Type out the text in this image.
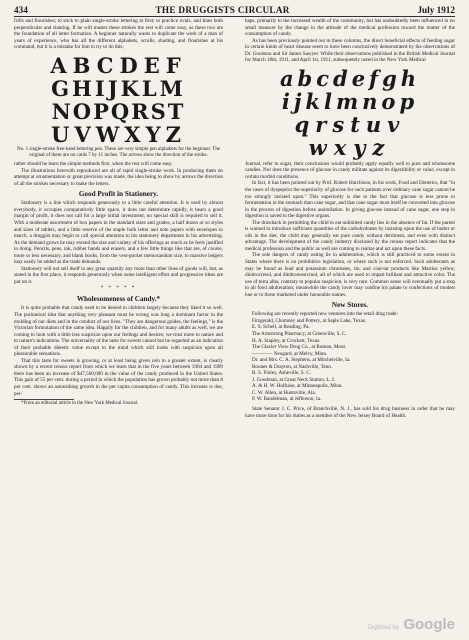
434	THE DRUGGISTS CIRCULAR	July 1912

frills and flourishes; to stick to plain single-stroke lettering at first; to practice ovals, and lines both perpendicular and slanting. If he will master these strokes the rest will come easy, as these two are the foundation of all letter formation. A beginner naturally wants to duplicate the work of a man of years of experience, who has all the different alphabets, scrolls, shading, and flourishes at his command, but it is a mistake for him to try to do this;

ABCDEF
GHIJKLM
NOPQRST
UVWXYZ
No. 1 single-stroke free-hand lettering pen. These are very simple pen alphabets for the beginner. The original of these are on cards 7 by 11 inches. The arrows show the direction of the stroke.

rather should he learn the simple methods first, when the rest will come easy.

The illustrations herewith reproduced are all of rapid single-stroke work. In producing them no attempt at ornamentation or great precision was made, the idea being to show by arrows the direction of all the strokes necessary to make the letters.

Good Profit in Stationery.

Stationery is a line which responds generously to a little careful attention. It is used by almost everybody, it occupies comparatively little space, it does not deteriorate rapidly, it bears a good margin of profit, it does not call for a large initial investment, no special skill is required to sell it. With a moderate assortment of box papers in the standard sizes and grades, a half dozen or so styles and sizes of tablets, and a little reserve of the staple bulk letter and note papers with envelopes to match, a druggist may begin to call special attention to his stationery department in his advertising. As the demand grows he may extend the size and variety of his offerings as much as he feels justified in doing. Pencils, pens, ink, rubber bands and erasers, and a few little things like that are, of course, more or less necessary, and blank books, from the vest-pocket memorandum size, to massive ledgers may easily be added as the trade demands.

Stationery will not sell itself in any great quantity any more than other lines of goods will, but, as stated in the first place, it responds generously when some intelligent effort and progressive ideas are put on it.

* * * * *
Wholesomeness of Candy.*

It is quite probable that candy used to be denied to children largely because they liked it so well. The puritanical idea that anything very pleasant must be wrong was long a dominant factor in the molding of our diets and in the conduct of our lives. "They are dangerous guides, the feelings," is the Victorian formulation of the same idea. Happily for the children, and for many adults as well, we are coming to look with a little less suspicion upon our feelings and desires; we trust more to nature and to nature's indications. The universality of the taste for sweets cannot but be regarded as an indication of their probable dietetic value except to the mind which still looks with suspicion upon all pleasurable sensations.

That this taste for sweets is growing, or at least being given rein to a greater extent, is clearly shown by a recent census report from which we learn that in the five years between 1904 and 1909 there has been an increase of $47,500,000 in the value of the candy produced in the United States. This gain of 55 per cent. during a period in which the population has grown probably not more than 8 per cent. shows an astonishing growth in the per capita consumption of candy. This increase is due, per-

*From an editorial article in the New York Medical Journal.

haps, primarily to the increased wealth of the community, but has undoubtedly been influenced in no small measure by the change in the attitude of the medical profession toward the matter of the consumption of candy.

As has been previously pointed out in these columns, the direct beneficial effects of feeding sugar in certain kinds of heart disease seem to have been conclusively demonstrated by the observations of Dr. Goulston and Sir James Sawyer. While their observations published in the British Medical Journal for March 18th, 1911, and April 1st, 1911, subsequently noted in the New York Medical

abcdefgh
ijklmnop
qrstuv
wxyz

Journal, refer to sugar, their conclusions would probably apply equally well to pure and wholesome candies. Nor does the presence of glucose in candy militate against its digestibility or value, except in certain morbid conditions.

In fact, it has been pointed out by Prof. Robert Hutchison, in his work, Food and Dietetics, that "in the cases of dyspeptics the superiority of glucose for such patients over ordinary cane sugar cannot be too strongly insisted upon." This superiority is due to the fact that glucose is less prone to fermentation in the stomach than cane sugar, and that cane sugar must itself be converted into glucose in the process of digestion before assimilation. In giving glucose instead of cane sugar, one step in digestion is saved to the digestive organs.

The drawback in permitting the child to eat unlimited candy lies in the absence of fat. If the parent is warned to introduce sufficient quantities of the carbohydrates by insisting upon the use of butter or oils in the diet, the child may generally eat pure candy without detriment, and even with distinct advantage. The development of the candy industry disclosed by the census report indicates that the medical profession and the public as well are coming to realize and act upon these facts.

The sole dangers of candy eating lie in adulteration, which is still practiced to some extent in States where there is no prohibitive legislation, or where such is not enforced. Such adulterants as may be found as lead and potassium chromates, tin, and coal-tar products like Martius yellow, dinitrocresol, and dinitroresorcinol, all of which are used to impart brilliant and attractive color. The use of terra alba, contrary to popular suspicion, is very rare. Common sense will eventually put a stop to all food adulteration; meanwhile the candy lover may confine his palate to confections of modest hue or to those marketed under honorable names.

New Stores.

Following are recently reported new ventures into the retail drug trade:

Fitzgerald, Chumney and Pottery, at Saple Lake, Texas.

E. S. Schell, at Reading, Pa.

The Armstrong Pharmacy, at Greenville, S. C.

H. A. Stapley, at Crockett, Texas.

The Glacier View Drug Co., at Roman, Mont.

———— Neugard, at Melvy, Minn.

Dr. and Mrs. C. A. Stephens, at Mitchelville, Ia.

Bounes & Drayton, at Nashville, Tenn.

R. S. Finley, Asheville, S. C.

J. Goodman, at Great Neck Station, L. I.

A. & H. W. Hulfuise, at Minneapolis, Minn.

C. W. Allen, at Huntsville, Ala.

P. W. Randelman, at Jefferson, Ia.

State Senator J. C. Price, of Branchville, N. J., has sold his drug business in order that he may have more time for his duties as a member of the New Jersey Board of Health.

Digitized by Google
